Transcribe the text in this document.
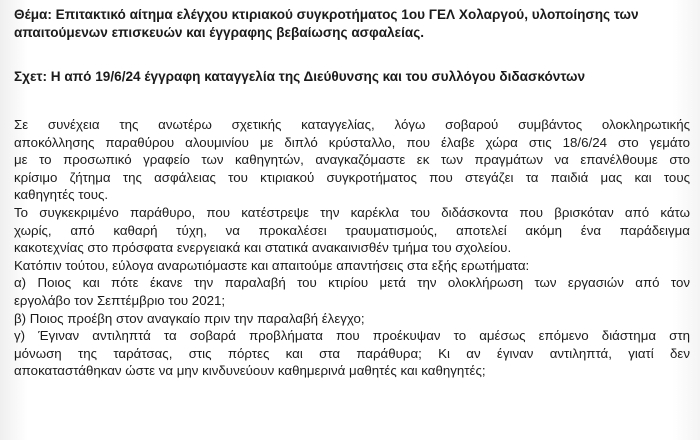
Θέμα: Επιτακτικό αίτημα ελέγχου κτιριακού συγκροτήματος 1ου ΓΕΛ Χολαργού, υλοποίησης των
απαιτούμενων επισκευών και έγγραφης βεβαίωσης ασφαλείας.
Σχετ: Η από 19/6/24 έγγραφη καταγγελία της Διεύθυνσης και του συλλόγου διδασκόντων
Σε συνέχεια της ανωτέρω σχετικής καταγγελίας, λόγω σοβαρού συμβάντος ολοκληρωτικής
αποκόλλησης παραθύρου αλουμινίου με διπλό κρύσταλλο, που έλαβε χώρα στις 18/6/24 στο γεμάτο
με το προσωπικό γραφείο των καθηγητών, αναγκαζόμαστε εκ των πραγμάτων να επανέλθουμε στο
κρίσιμο ζήτημα της ασφάλειας του κτιριακού συγκροτήματος που στεγάζει τα παιδιά μας και τους
καθηγητές τους.
Το συγκεκριμένο παράθυρο, που κατέστρεψε την καρέκλα του διδάσκοντα που βρισκόταν από κάτω
χωρίς, από καθαρή τύχη, να προκαλέσει τραυματισμούς, αποτελεί ακόμη ένα παράδειγμα
κακοτεχνίας στο πρόσφατα ενεργειακά και στατικά ανακαινισθέν τμήμα του σχολείου.
Κατόπιν τούτου, εύλογα αναρωτιόμαστε και απαιτούμε απαντήσεις στα εξής ερωτήματα:
α) Ποιος και πότε έκανε την παραλαβή του κτιρίου μετά την ολοκλήρωση των εργασιών από τον
εργολάβο τον Σεπτέμβριο του 2021;
β) Ποιος προέβη στον αναγκαίο πριν την παραλαβή έλεγχο;
γ) Έγιναν αντιληπτά τα σοβαρά προβλήματα που προέκυψαν το αμέσως επόμενο διάστημα στη
μόνωση της ταράτσας, στις πόρτες και στα παράθυρα; Κι αν έγιναν αντιληπτά, γιατί δεν
αποκαταστάθηκαν ώστε να μην κινδυνεύουν καθημερινά μαθητές και καθηγητές;
